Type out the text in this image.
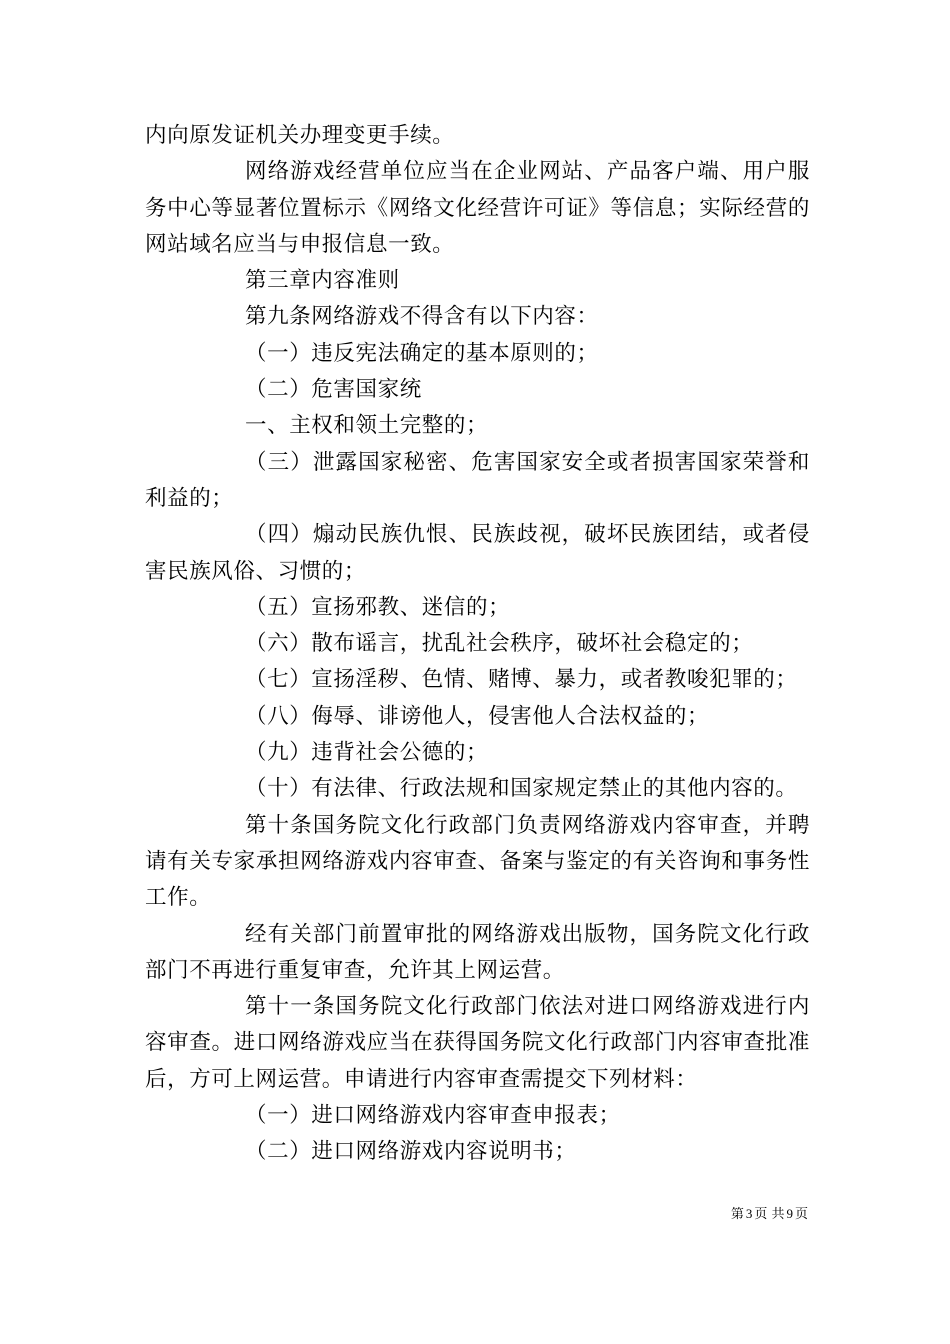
内向原发证机关办理变更手续。

网络游戏经营单位应当在企业网站、产品客户端、用户服务中心等显著位置标示《网络文化经营许可证》等信息；实际经营的网站域名应当与申报信息一致。

第三章内容准则

第九条网络游戏不得含有以下内容：

（一）违反宪法确定的基本原则的；

（二）危害国家统

一、主权和领土完整的；

（三）泄露国家秘密、危害国家安全或者损害国家荣誉和利益的；

（四）煽动民族仇恨、民族歧视，破坏民族团结，或者侵害民族风俗、习惯的；

（五）宣扬邪教、迷信的；

（六）散布谣言，扰乱社会秩序，破坏社会稳定的；

（七）宣扬淫秽、色情、赌博、暴力，或者教唆犯罪的；

（八）侮辱、诽谤他人，侵害他人合法权益的；

（九）违背社会公德的；

（十）有法律、行政法规和国家规定禁止的其他内容的。

第十条国务院文化行政部门负责网络游戏内容审查，并聘请有关专家承担网络游戏内容审查、备案与鉴定的有关咨询和事务性工作。

经有关部门前置审批的网络游戏出版物，国务院文化行政部门不再进行重复审查，允许其上网运营。

第十一条国务院文化行政部门依法对进口网络游戏进行内容审查。进口网络游戏应当在获得国务院文化行政部门内容审查批准后，方可上网运营。申请进行内容审查需提交下列材料：

（一）进口网络游戏内容审查申报表；

（二）进口网络游戏内容说明书；

第 3 页 共 9 页
